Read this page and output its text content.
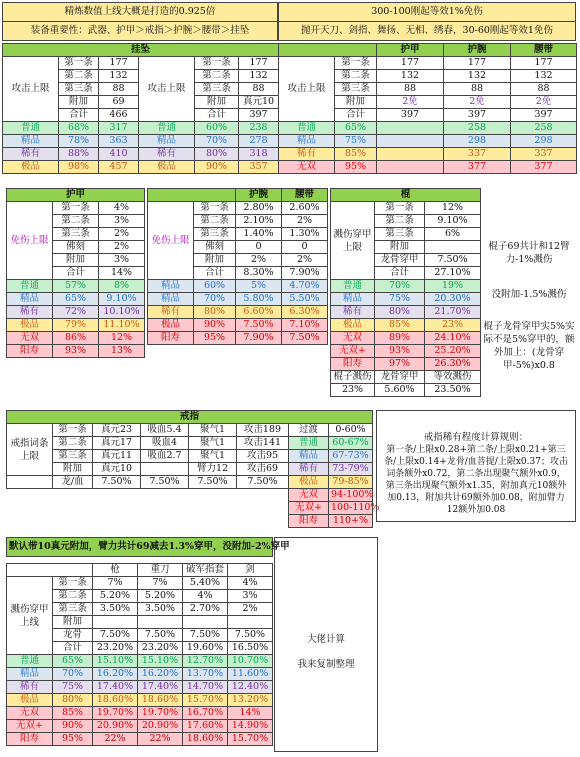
精炼数值上线大概是打造的0.925倍
装备重要性：武器、护甲＞戒指＞护腕＞腰带＞挂坠
300-100刚起等效1%免伤
抛开天刀、剑指、舞扬、无相、绣春，30-60刚起等效1免伤
挂坠					
攻击上限	第一条	177	攻击上限	第一条	177
	第二条	132		第二条	132
	第三条	88		第三条	88
	附加	69		附加	真元10
	合计	466		合计	397
普通	68%	317	普通	60%	238
精品	78%	363	精品	70%	278
稀有	88%	410	稀有	80%	318
极品	98%	457	极品	90%	357
		护甲	护腕	腰带
攻击上限	第一条	177	177	177
	第二条	132	132	132
	第三条	88	88	88
	附加	2免	2免	2免
	合计	397	397	397
普通	65%		258	258
精品	75%		298	298
稀有	85%		337	337
无双	95%		377	377
护甲		
免伤上限	第一条	4%
	第二条	3%
	第三条	2%
	佛刻	2%
	附加	3%
	合计	14%
普通	57%	8%
精品	65%	9.10%
稀有	72%	10.10%
极品	79%	11.10%
无双	86%	12%
阳寿	93%	13%
		护腕	腰带
免伤上限	第一条	2.80%	2.60%
	第二条	2.10%	2%
	第三条	1.40%	1.30%
	佛刻	0	0
	附加	2%	2%
	合计	8.30%	7.90%
精品	60%	5%	4.70%
精品	70%	5.80%	5.50%
稀有	80%	6.60%	6.30%
极品	90%	7.50%	7.10%
阳寿	95%	7.90%	7.50%
棍		
溅伤穿甲上限	第一条	12%
	第二条	9.10%
	第三条	6%
	附加	
	龙骨穿甲	7.50%
	合计	27.10%
普通	70%	19%
精品	75%	20.30%
稀有	80%	21.70%
极品	85%	23%
无双	89%	24.10%
无双+	93%	25.20%
阳寿	97%	26.30%
棍子溅伤	龙骨穿甲	等效溅伤
23%	5.60%	23.50%
棍子69共计和12臂力-1%溅伤
没附加-1.5%溅伤
棍子龙骨穿甲实5%实际不是5%穿甲的，额外加上：(龙骨穿甲-5%)x0.8
戒指							
戒指词条上限	第一条	真元23	吸血5.4	聚气1	攻击189	过渡	0-60%
	第二条	真元17	吸血4	聚气1	攻击141	普通	60-67%
	第三条	真元11	吸血2.7	聚气1	攻击95	精品	67-73%
	附加	真元10		臂力12	攻击69	稀有	73-79%
	龙/血	7.50%	7.50%	7.50%	7.50%	极品	79-85%
						无双	94-100%
						无双+	100-110%
						阳寿	110+%
戒指稀有程度计算规则：
第一条/上限x0.28+第二条/上限x0.21+第三条/上限x0.14+龙骨/血菩提/上限x0.37；攻击词条额外x0.72，第二条出现聚气额外x0.9，第三条出现聚气额外x1.35，附加真元10额外加0.13，附加共计69额外加0.08，附加臂力12额外加0.08
默认带10真元附加，臂力共计69减去1.3%穿甲，没附加-2%穿甲					

		枪	重刀	破军指套	剑
溅伤穿甲上线	第一条	7%	7%	5.40%	4%
	第二条	5.20%	5.20%	4%	3%
	第三条	3.50%	3.50%	2.70%	2%
	附加				
	龙骨	7.50%	7.50%	7.50%	7.50%
	合计	23.20%	23.20%	19.60%	16.50%
普通	65%	15.10%	15.10%	12.70%	10.70%
精品	70%	16.20%	16.20%	13.70%	11.60%
稀有	75%	17.40%	17.40%	14.70%	12.40%
极品	80%	18.60%	18.60%	15.70%	13.20%
无双	85%	19.70%	19.70%	16.70%	14%
无双+	90%	20.90%	20.90%	17.60%	14.90%
阳寿	95%	22%	22%	18.60%	15.70%
大佬计算
我来复制整理
